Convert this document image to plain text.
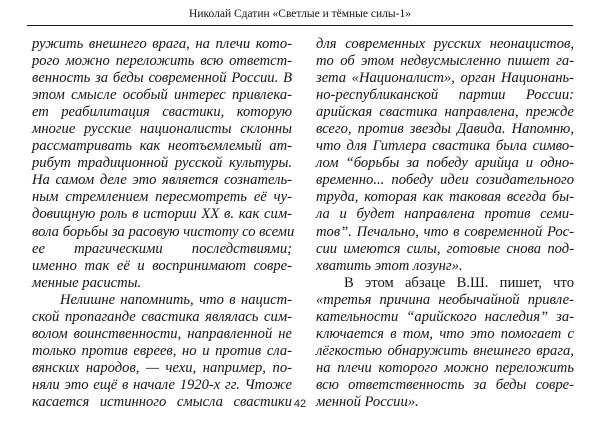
Николай Сдатин «Светлые и тёмные силы-1»

ружить внешнего врага, на плечи кото-
рого можно переложить всю ответст-
венность за беды современной России. В
этом смысле особый интерес привлека-
ет реабилитация свастики, которую
многие русские националисты склонны
рассматривать как неотъемлемый ат-
рибут традиционной русской культуры.
На самом деле это является сознатель-
ным стремлением пересмотреть её чу-
довищную роль в истории XX в. как сим-
вола борьбы за расовую чистоту со всеми
ее трагическими последствиями;
именно так её и воспринимают совре-
менные расисты.

Нелишне напомнить, что в нацист-
ской пропаганде свастика являлась сим-
волом воинственности, направленной не
только против евреев, но и против сла-
вянских народов, — чехи, например, по-
няли это ещё в начале 1920-х гг. Чтоже
касается истинного смысла свастики

для современных русских неонацистов,
то об этом недвусмысленно пишет га-
зета «Националист», орган Национань-
но-республиканской партии России:
арийская свастика направлена, прежде
всего, против звезды Давида. Напомню,
что для Гитлера свастика была симво-
лом “борьбы за победу арийца и одно-
временно... победу идеи созидательного
труда, которая как таковая всегда бы-
ла и будет направлена против семи-
тов”. Печально, что в современной Рос-
сии имеются силы, готовые снова под-
хватить этот лозунг».

В этом абзаце В.Ш. пишет, что
«третья причина необычайной привле-
кательности “арийского наследия” за-
ключается в том, что это помогает с
лёгкостью обнаружить внешнего врага,
на плечи которого можно переложить
всю ответственность за беды совре-
менной России».

42
